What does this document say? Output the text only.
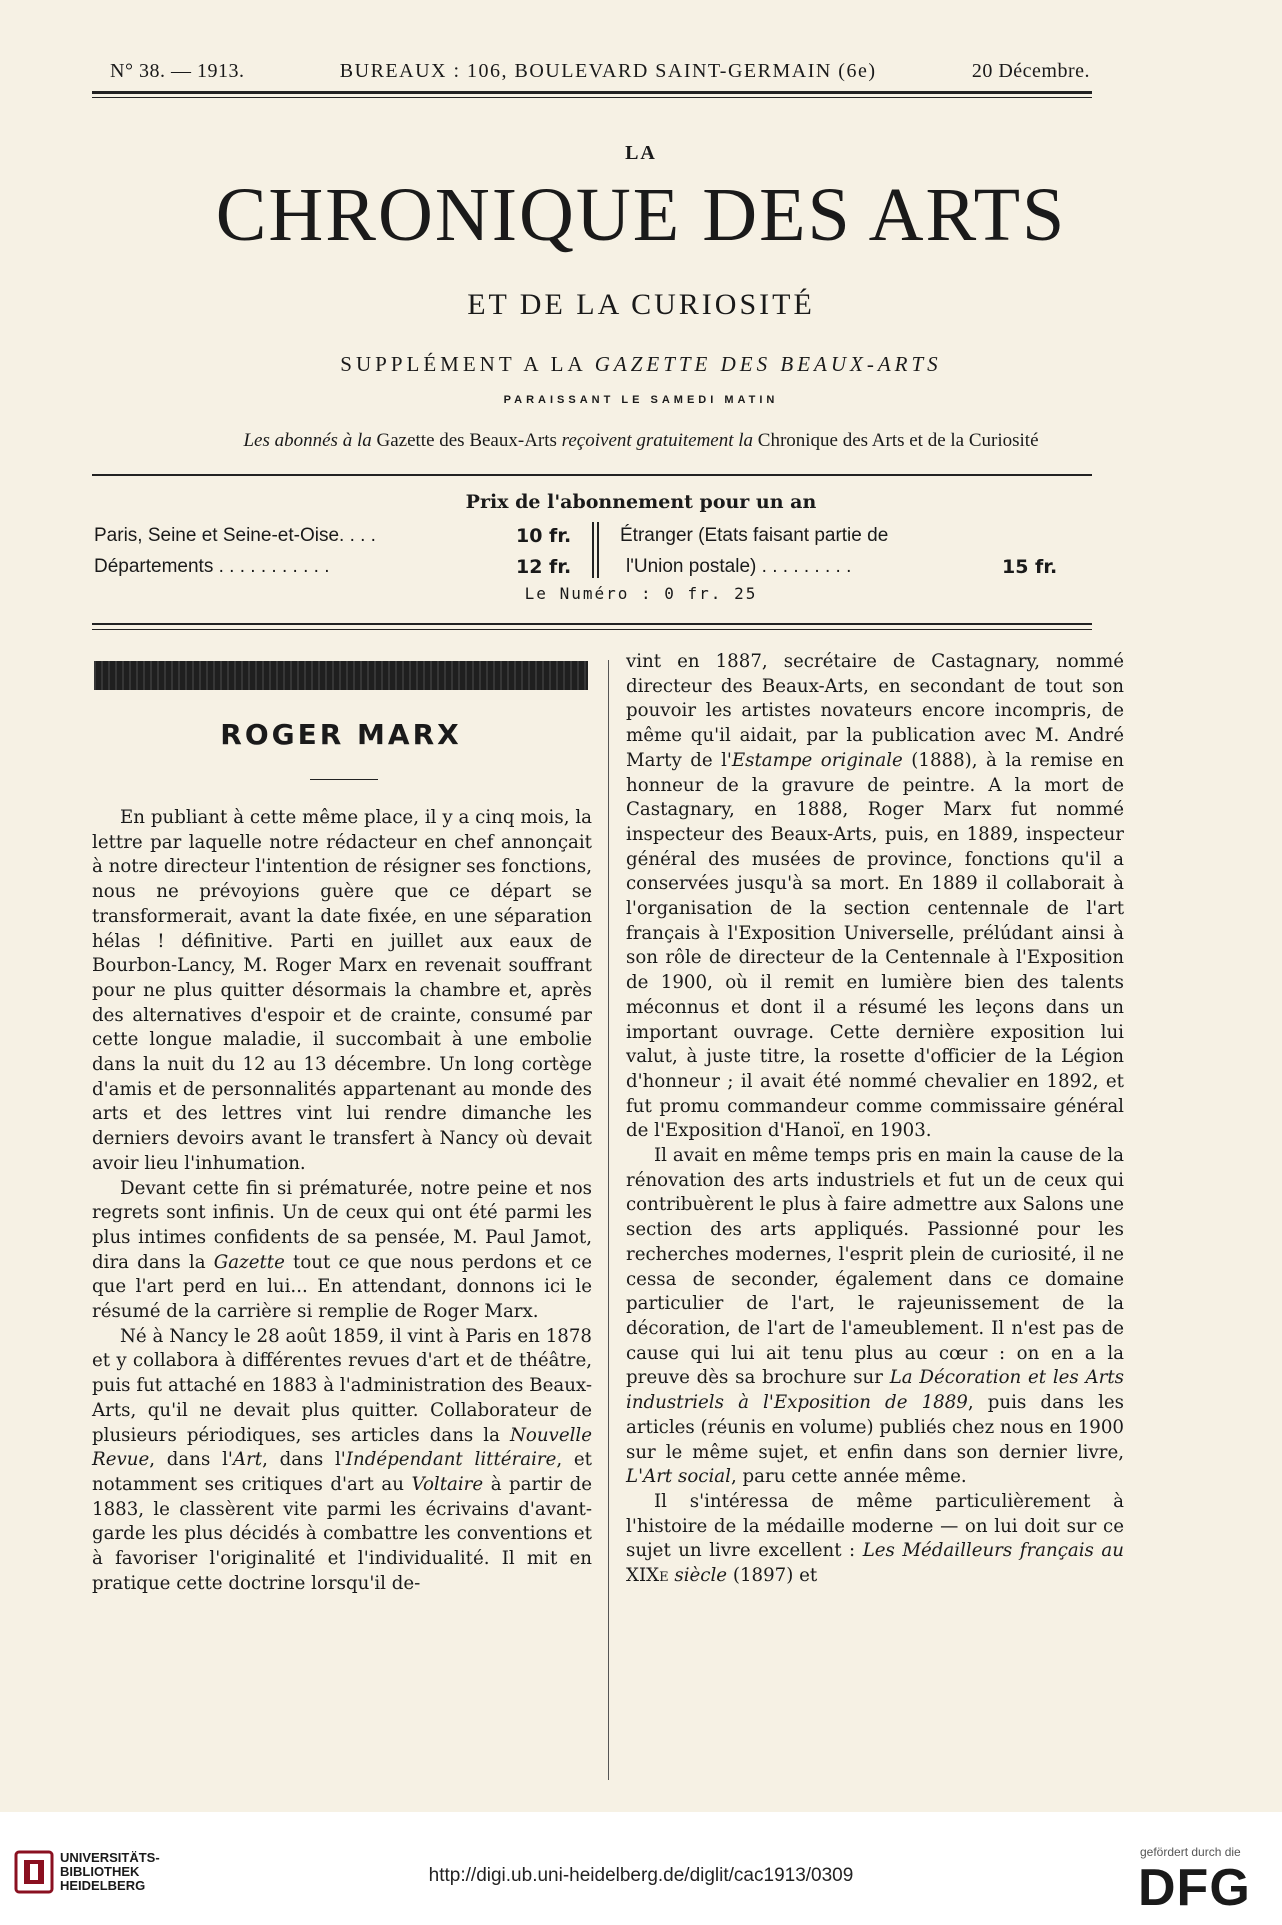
N° 38. — 1913.	BUREAUX : 106, BOULEVARD SAINT-GERMAIN (6e)	20 Décembre.
LA
CHRONIQUE DES ARTS
ET DE LA CURIOSITÉ
SUPPLÉMENT A LA GAZETTE DES BEAUX-ARTS
PARAISSANT LE SAMEDI MATIN
Les abonnés à la Gazette des Beaux-Arts reçoivent gratuitement la Chronique des Arts et de la Curiosité
Prix de l'abonnement pour un an
Paris, Seine et Seine-et-Oise. . . .	10 fr.
Départements . . . . . . . . . . .	12 fr.
Étranger (Etats faisant partie de
l'Union postale) . . . . . . . . .	15 fr.
Le Numéro : 0 fr. 25
ROGER MARX

En publiant à cette même place, il y a cinq mois, la lettre par laquelle notre rédacteur en chef annonçait à notre directeur l'intention de résigner ses fonctions, nous ne prévoyions guère que ce départ se transformerait, avant la date fixée, en une séparation hélas ! définitive. Parti en juillet aux eaux de Bourbon-Lancy, M. Roger Marx en revenait souffrant pour ne plus quitter désormais la chambre et, après des alternatives d'espoir et de crainte, consumé par cette longue maladie, il succombait à une embolie dans la nuit du 12 au 13 décembre. Un long cortège d'amis et de personnalités appartenant au monde des arts et des lettres vint lui rendre dimanche les derniers devoirs avant le transfert à Nancy où devait avoir lieu l'inhumation.

Devant cette fin si prématurée, notre peine et nos regrets sont infinis. Un de ceux qui ont été parmi les plus intimes confidents de sa pensée, M. Paul Jamot, dira dans la Gazette tout ce que nous perdons et ce que l'art perd en lui... En attendant, donnons ici le résumé de la carrière si remplie de Roger Marx.

Né à Nancy le 28 août 1859, il vint à Paris en 1878 et y collabora à différentes revues d'art et de théâtre, puis fut attaché en 1883 à l'administration des Beaux-Arts, qu'il ne devait plus quitter. Collaborateur de plusieurs périodiques, ses articles dans la Nouvelle Revue, dans l'Art, dans l'Indépendant littéraire, et notamment ses critiques d'art au Voltaire à partir de 1883, le classèrent vite parmi les écrivains d'avant-garde les plus décidés à combattre les conventions et à favoriser l'originalité et l'individualité. Il mit en pratique cette doctrine lorsqu'il de-

vint en 1887, secrétaire de Castagnary, nommé directeur des Beaux-Arts, en secondant de tout son pouvoir les artistes novateurs encore incompris, de même qu'il aidait, par la publication avec M. André Marty de l'Estampe originale (1888), à la remise en honneur de la gravure de peintre. A la mort de Castagnary, en 1888, Roger Marx fut nommé inspecteur des Beaux-Arts, puis, en 1889, inspecteur général des musées de province, fonctions qu'il a conservées jusqu'à sa mort. En 1889 il collaborait à l'organisation de la section centennale de l'art français à l'Exposition Universelle, prélúdant ainsi à son rôle de directeur de la Centennale à l'Exposition de 1900, où il remit en lumière bien des talents méconnus et dont il a résumé les leçons dans un important ouvrage. Cette dernière exposition lui valut, à juste titre, la rosette d'officier de la Légion d'honneur ; il avait été nommé chevalier en 1892, et fut promu commandeur comme commissaire général de l'Exposition d'Hanoï, en 1903.

Il avait en même temps pris en main la cause de la rénovation des arts industriels et fut un de ceux qui contribuèrent le plus à faire admettre aux Salons une section des arts appliqués. Passionné pour les recherches modernes, l'esprit plein de curiosité, il ne cessa de seconder, également dans ce domaine particulier de l'art, le rajeunissement de la décoration, de l'art de l'ameublement. Il n'est pas de cause qui lui ait tenu plus au cœur : on en a la preuve dès sa brochure sur La Décoration et les Arts industriels à l'Exposition de 1889, puis dans les articles (réunis en volume) publiés chez nous en 1900 sur le même sujet, et enfin dans son dernier livre, L'Art social, paru cette année même.

Il s'intéressa de même particulièrement à l'histoire de la médaille moderne — on lui doit sur ce sujet un livre excellent : Les Médailleurs français au XIXe siècle (1897) et

UNIVERSITÄTS-
BIBLIOTHEK
HEIDELBERG	http://digi.ub.uni-heidelberg.de/diglit/cac1913/0309
gefördert durch die
DFG
